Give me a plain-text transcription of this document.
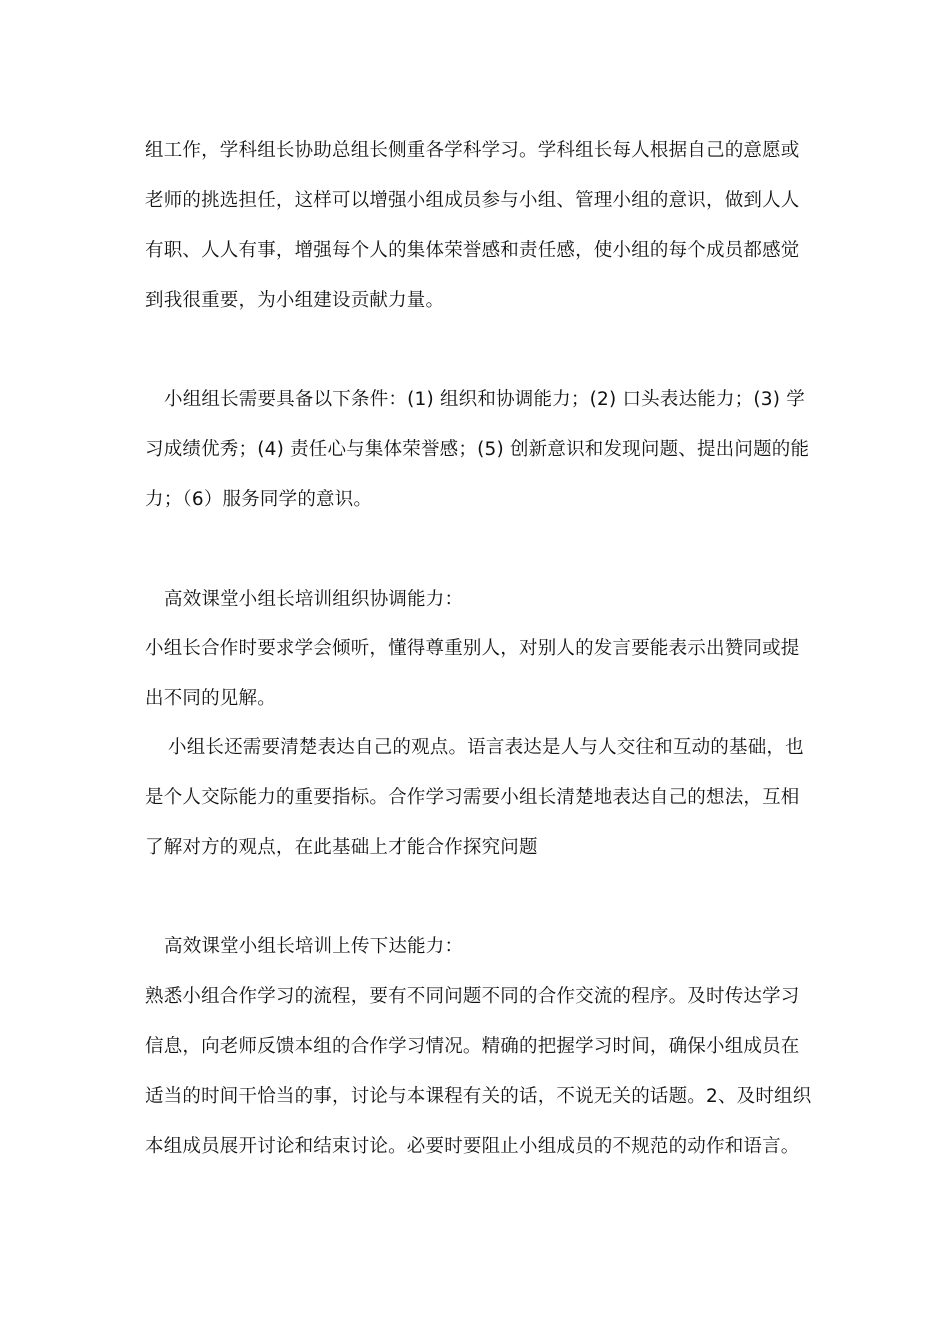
组工作，学科组长协助总组长侧重各学科学习。学科组长每人根据自己的意愿或
老师的挑选担任，这样可以增强小组成员参与小组、管理小组的意识，做到人人
有职、人人有事，增强每个人的集体荣誉感和责任感，使小组的每个成员都感觉
到我很重要，为小组建设贡献力量。
小组组长需要具备以下条件：(1) 组织和协调能力；(2) 口头表达能力；(3) 学
习成绩优秀；(4) 责任心与集体荣誉感；(5) 创新意识和发现问题、提出问题的能
力；（6）服务同学的意识。
高效课堂小组长培训组织协调能力：
小组长合作时要求学会倾听，懂得尊重别人，对别人的发言要能表示出赞同或提
出不同的见解。
小组长还需要清楚表达自己的观点。语言表达是人与人交往和互动的基础，也
是个人交际能力的重要指标。合作学习需要小组长清楚地表达自己的想法，互相
了解对方的观点，在此基础上才能合作探究问题
高效课堂小组长培训上传下达能力：
熟悉小组合作学习的流程，要有不同问题不同的合作交流的程序。及时传达学习
信息，向老师反馈本组的合作学习情况。精确的把握学习时间，确保小组成员在
适当的时间干恰当的事，讨论与本课程有关的话，不说无关的话题。2、及时组织
本组成员展开讨论和结束讨论。必要时要阻止小组成员的不规范的动作和语言。
